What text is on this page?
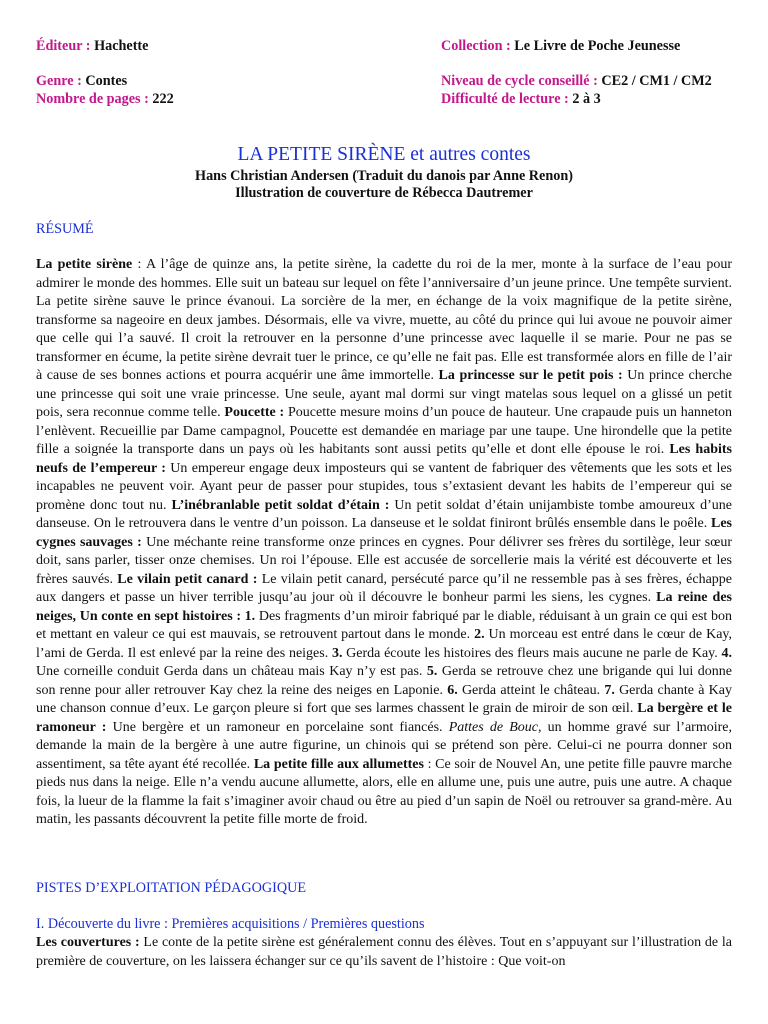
Éditeur : Hachette	Collection : Le Livre de Poche Jeunesse
Genre : Contes	Niveau de cycle conseillé : CE2 / CM1 / CM2
Nombre de pages : 222	Difficulté de lecture : 2 à 3
LA PETITE SIRÈNE et autres contes
Hans Christian Andersen (Traduit du danois par Anne Renon)
Illustration de couverture de Rébecca Dautremer
RÉSUMÉ
La petite sirène : A l’âge de quinze ans, la petite sirène, la cadette du roi de la mer, monte à la surface de l’eau pour admirer le monde des hommes. Elle suit un bateau sur lequel on fête l’anniversaire d’un jeune prince. Une tempête survient. La petite sirène sauve le prince évanoui. La sorcière de la mer, en échange de la voix magnifique de la petite sirène, transforme sa nageoire en deux jambes. Désormais, elle va vivre, muette, au côté du prince qui lui avoue ne pouvoir aimer que celle qui l’a sauvé. Il croit la retrouver en la personne d’une princesse avec laquelle il se marie. Pour ne pas se transformer en écume, la petite sirène devrait tuer le prince, ce qu’elle ne fait pas. Elle est transformée alors en fille de l’air à cause de ses bonnes actions et pourra acquérir une âme immortelle. La princesse sur le petit pois : Un prince cherche une princesse qui soit une vraie princesse. Une seule, ayant mal dormi sur vingt matelas sous lequel on a glissé un petit pois, sera reconnue comme telle. Poucette : Poucette mesure moins d’un pouce de hauteur. Une crapaude puis un hanneton l’enlèvent. Recueillie par Dame campagnol, Poucette est demandée en mariage par une taupe. Une hirondelle que la petite fille a soignée la transporte dans un pays où les habitants sont aussi petits qu’elle et dont elle épouse le roi. Les habits neufs de l’empereur : Un empereur engage deux imposteurs qui se vantent de fabriquer des vêtements que les sots et les incapables ne peuvent voir. Ayant peur de passer pour stupides, tous s’extasient devant les habits de l’empereur qui se promène donc tout nu. L’inébranlable petit soldat d’étain : Un petit soldat d’étain unijambiste tombe amoureux d’une danseuse. On le retrouvera dans le ventre d’un poisson. La danseuse et le soldat finiront brûlés ensemble dans le poêle. Les cygnes sauvages : Une méchante reine transforme onze princes en cygnes. Pour délivrer ses frères du sortilège, leur sœur doit, sans parler, tisser onze chemises. Un roi l’épouse. Elle est accusée de sorcellerie mais la vérité est découverte et les frères sauvés. Le vilain petit canard : Le vilain petit canard, persécuté parce qu’il ne ressemble pas à ses frères, échappe aux dangers et passe un hiver terrible jusqu’au jour où il découvre le bonheur parmi les siens, les cygnes. La reine des neiges, Un conte en sept histoires : 1. Des fragments d’un miroir fabriqué par le diable, réduisant à un grain ce qui est bon et mettant en valeur ce qui est mauvais, se retrouvent partout dans le monde. 2. Un morceau est entré dans le cœur de Kay, l’ami de Gerda. Il est enlevé par la reine des neiges. 3. Gerda écoute les histoires des fleurs mais aucune ne parle de Kay. 4. Une corneille conduit Gerda dans un château mais Kay n’y est pas. 5. Gerda se retrouve chez une brigande qui lui donne son renne pour aller retrouver Kay chez la reine des neiges en Laponie. 6. Gerda atteint le château. 7. Gerda chante à Kay une chanson connue d’eux. Le garçon pleure si fort que ses larmes chassent le grain de miroir de son œil. La bergère et le ramoneur : Une bergère et un ramoneur en porcelaine sont fiancés. Pattes de Bouc, un homme gravé sur l’armoire, demande la main de la bergère à une autre figurine, un chinois qui se prétend son père. Celui-ci ne pourra donner son assentiment, sa tête ayant été recollée. La petite fille aux allumettes : Ce soir de Nouvel An, une petite fille pauvre marche pieds nus dans la neige. Elle n’a vendu aucune allumette, alors, elle en allume une, puis une autre, puis une autre. A chaque fois, la lueur de la flamme la fait s’imaginer avoir chaud ou être au pied d’un sapin de Noël ou retrouver sa grand-mère. Au matin, les passants découvrent la petite fille morte de froid.
PISTES D’EXPLOITATION PÉDAGOGIQUE
I. Découverte du livre : Premières acquisitions / Premières questions
Les couvertures : Le conte de la petite sirène est généralement connu des élèves. Tout en s’appuyant sur l’illustration de la première de couverture, on les laissera échanger sur ce qu’ils savent de l’histoire : Que voit-on
